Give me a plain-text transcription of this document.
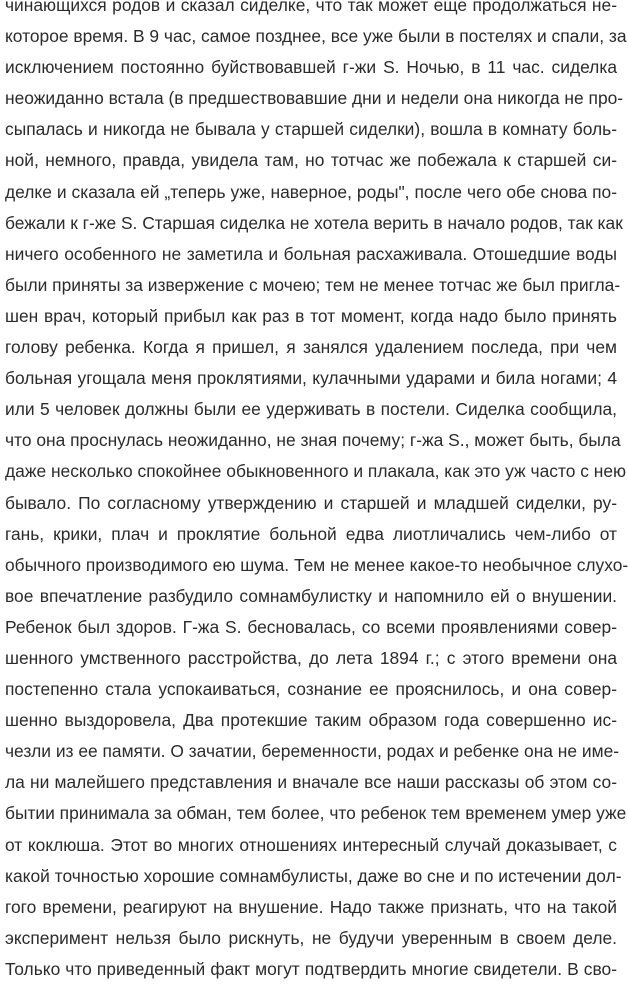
чинающихся родов и сказал сиделке, что так может еще продолжаться не-
которое время. В 9 час, самое позднее, все уже были в постелях и спали, за
исключением постоянно буйствовавшей г-жи S. Ночью, в 11 час. сиделка
неожиданно встала (в предшествовавшие дни и недели она никогда не про-
сыпалась и никогда не бывала у старшей сиделки), вошла в комнату боль-
ной, немного, правда, увидела там, но тотчас же побежала к старшей си-
делке и сказала ей „теперь уже, наверное, роды", после чего обе снова по-
бежали к г-же S. Старшая сиделка не хотела верить в начало родов, так как
ничего особенного не заметила и больная расхаживала. Отошедшие воды
были приняты за извержение с мочею; тем не менее тотчас же был пригла-
шен врач, который прибыл как раз в тот момент, когда надо было принять
голову ребенка. Когда я пришел, я занялся удалением последа, при чем
больная угощала меня проклятиями, кулачными ударами и била ногами; 4
или 5 человек должны были ее удерживать в постели. Сиделка сообщила,
что она проснулась неожиданно, не зная почему; г-жа S., может быть, была
даже несколько спокойнее обыкновенного и плакала, как это уж часто с нею
бывало. По согласному утверждению и старшей и младшей сиделки, ру-
гань, крики, плач и проклятие больной едва лиотличались чем-либо от
обычного производимого ею шума. Тем не менее какое-то необычное слухо-
вое впечатление разбудило сомнамбулистку и напомнило ей о внушении.
Ребенок был здоров. Г-жа S. бесновалась, со всеми проявлениями совер-
шенного умственного расстройства, до лета 1894 г.; с этого времени она
постепенно стала успокаиваться, сознание ее прояснилось, и она совер-
шенно выздоровела, Два протекшие таким образом года совершенно ис-
чезли из ее памяти. О зачатии, беременности, родах и ребенке она не име-
ла ни малейшего представления и вначале все наши рассказы об этом со-
бытии принимала за обман, тем более, что ребенок тем временем умер уже
от коклюша. Этот во многих отношениях интересный случай доказывает, с
какой точностью хорошие сомнамбулисты, даже во сне и по истечении дол-
гого времени, реагируют на внушение. Надо также признать, что на такой
эксперимент нельзя было рискнуть, не будучи уверенным в своем деле.
Только что приведенный факт могут подтвердить многие свидетели. В сво-
